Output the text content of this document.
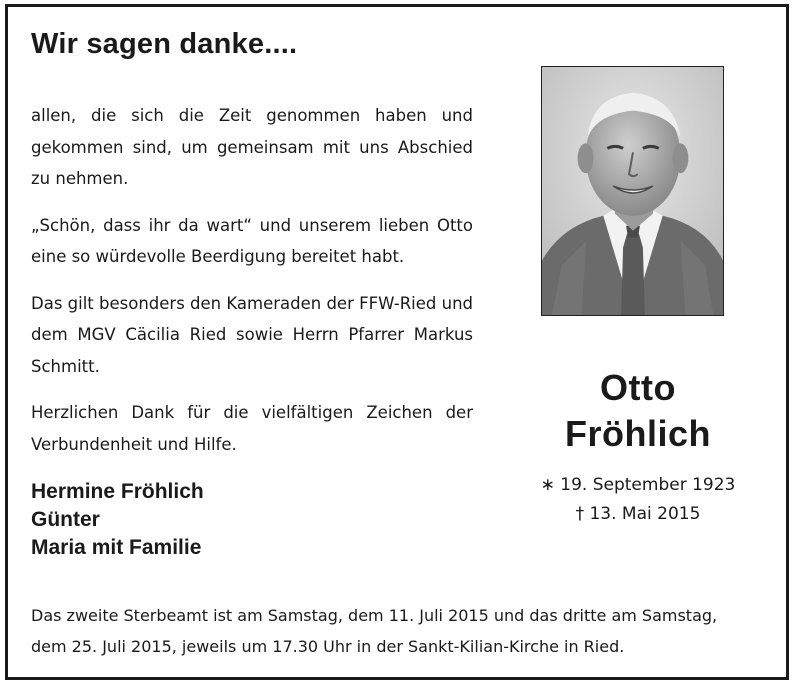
Wir sagen danke....

allen, die sich die Zeit genommen haben und gekommen sind, um gemeinsam mit uns Abschied zu nehmen.

„Schön, dass ihr da wart“ und unserem lieben Otto eine so würdevolle Beerdigung bereitet habt.

Das gilt besonders den Kameraden der FFW-Ried und dem MGV Cäcilia Ried sowie Herrn Pfarrer Markus Schmitt.

Herzlichen Dank für die vielfältigen Zeichen der Verbundenheit und Hilfe.

Hermine Fröhlich
Günter
Maria mit Familie
Otto
Fröhlich
∗ 19. September 1923
† 13. Mai 2015

Das zweite Sterbeamt ist am Samstag, dem 11. Juli 2015 und das dritte am Samstag,

dem 25. Juli 2015, jeweils um 17.30 Uhr in der Sankt-Kilian-Kirche in Ried.
